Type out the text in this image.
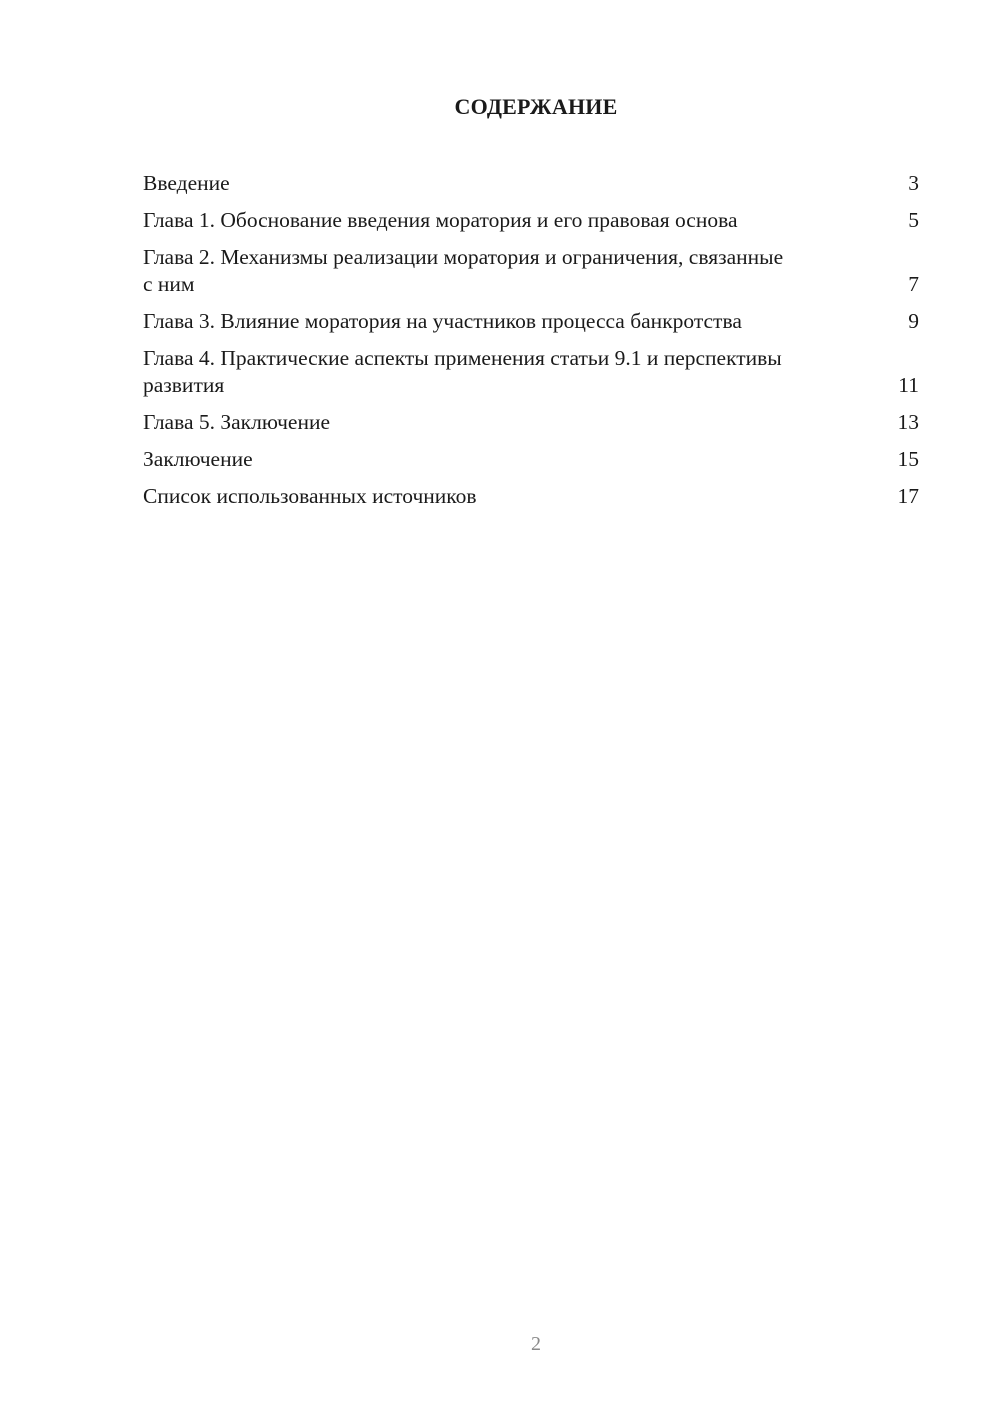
СОДЕРЖАНИЕ
Введение	3
Глава 1. Обоснование введения моратория и его правовая основа	5
Глава 2. Механизмы реализации моратория и ограничения, связанные с ним	7
Глава 3. Влияние моратория на участников процесса банкротства	9
Глава 4. Практические аспекты применения статьи 9.1 и перспективы развития	11
Глава 5. Заключение	13
Заключение	15
Список использованных источников	17
2
